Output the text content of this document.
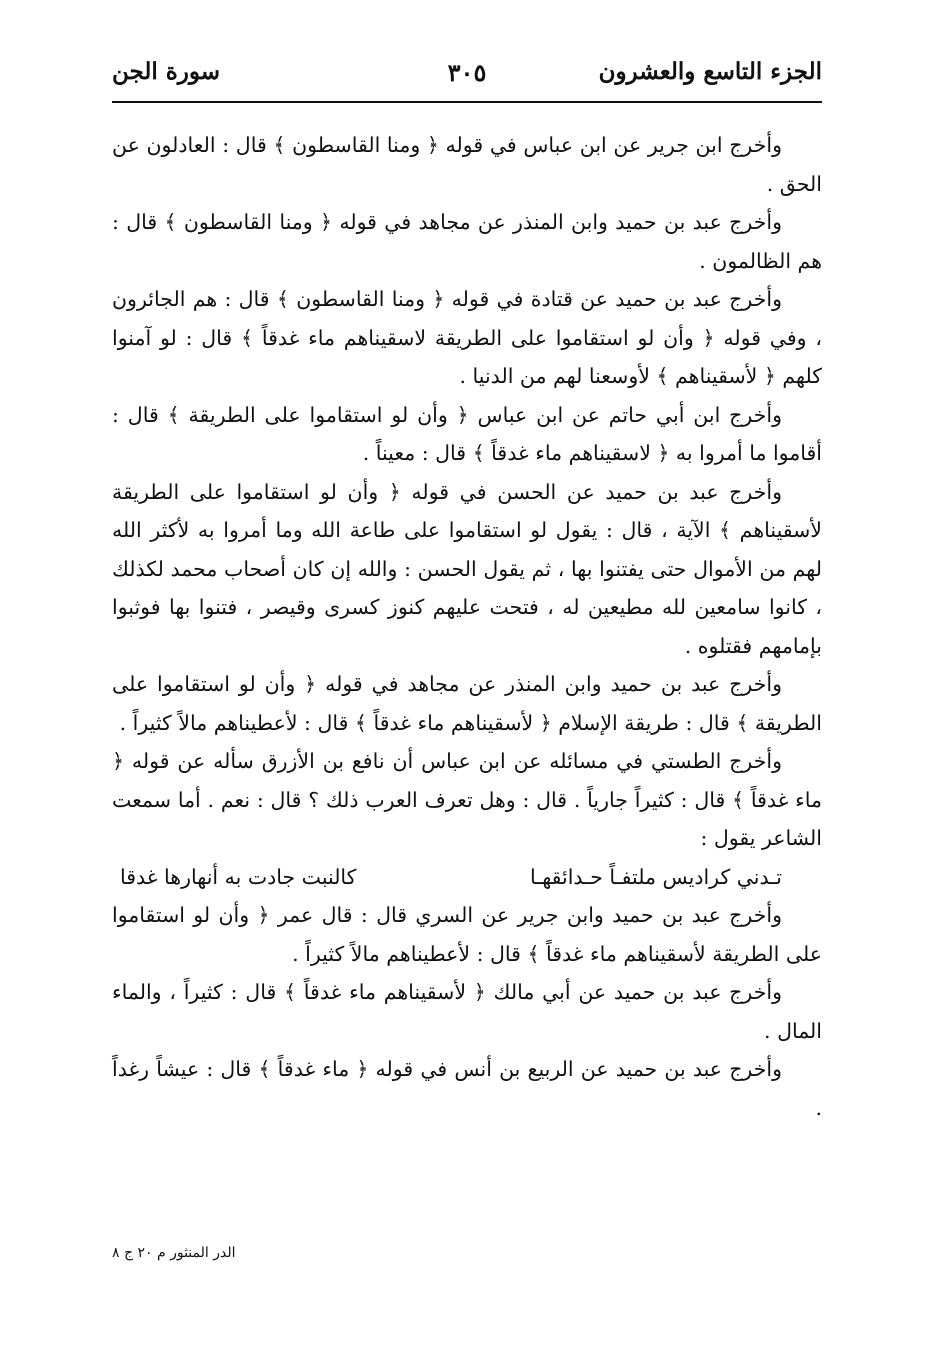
الجزء التاسع والعشرون
٣٠٥
سورة الجن

وأخرج ابن جرير عن ابن عباس في قوله ﴿ ومنا القاسطون ﴾ قال : العادلون عن الحق .

وأخرج عبد بن حميد وابن المنذر عن مجاهد في قوله ﴿ ومنا القاسطون ﴾ قال : هم الظالمون .

وأخرج عبد بن حميد عن قتادة في قوله ﴿ ومنا القاسطون ﴾ قال : هم الجائرون ، وفي قوله ﴿ وأن لو استقاموا على الطريقة لاسقيناهم ماء غدقاً ﴾ قال : لو آمنوا كلهم ﴿ لأسقيناهم ﴾ لأوسعنا لهم من الدنيا .

وأخرج ابن أبي حاتم عن ابن عباس ﴿ وأن لو استقاموا على الطريقة ﴾ قال : أقاموا ما أمروا به ﴿ لاسقيناهم ماء غدقاً ﴾ قال : معيناً .

وأخرج عبد بن حميد عن الحسن في قوله ﴿ وأن لو استقاموا على الطريقة لأسقيناهم ﴾ الآية ، قال : يقول لو استقاموا على طاعة الله وما أمروا به لأكثر الله لهم من الأموال حتى يفتنوا بها ، ثم يقول الحسن : والله إن كان أصحاب محمد لكذلك ، كانوا سامعين لله مطيعين له ، فتحت عليهم كنوز كسرى وقيصر ، فتنوا بها فوثبوا بإمامهم فقتلوه .

وأخرج عبد بن حميد وابن المنذر عن مجاهد في قوله ﴿ وأن لو استقاموا على الطريقة ﴾ قال : طريقة الإسلام ﴿ لأسقيناهم ماء غدقاً ﴾ قال : لأعطيناهم مالاً كثيراً .

وأخرج الطستي في مسائله عن ابن عباس أن نافع بن الأزرق سأله عن قوله ﴿ ماء غدقاً ﴾ قال : كثيراً جارياً . قال : وهل تعرف العرب ذلك ؟ قال : نعم . أما سمعت الشاعر يقول :

تـدني كراديس ملتفـاً حـدائقهـا
كالنبت جادت به أنهارها غدقا

وأخرج عبد بن حميد وابن جرير عن السري قال : قال عمر ﴿ وأن لو استقاموا على الطريقة لأسقيناهم ماء غدقاً ﴾ قال : لأعطيناهم مالاً كثيراً .

وأخرج عبد بن حميد عن أبي مالك ﴿ لأسقيناهم ماء غدقاً ﴾ قال : كثيراً ، والماء المال .

وأخرج عبد بن حميد عن الربيع بن أنس في قوله ﴿ ماء غدقاً ﴾ قال : عيشاً رغداً .

الدر المنثور م ٢٠ ج ٨
